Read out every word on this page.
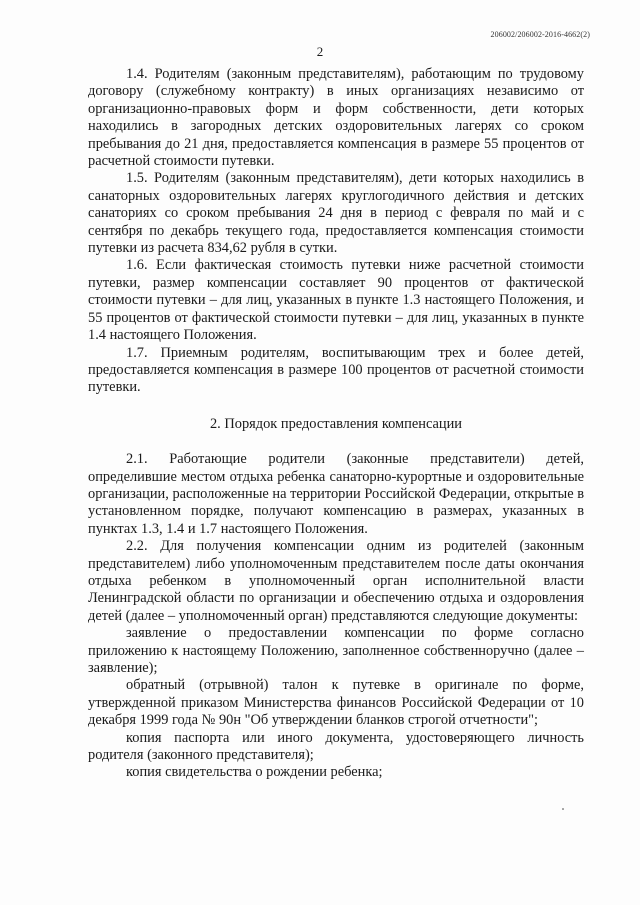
206002/206002-2016-4662(2)
2

1.4. Родителям (законным представителям), работающим по трудовому договору (служебному контракту) в иных организациях независимо от организационно-правовых форм и форм собственности, дети которых находились в загородных детских оздоровительных лагерях со сроком пребывания до 21 дня, предоставляется компенсация в размере 55 процентов от расчетной стоимости путевки.

1.5. Родителям (законным представителям), дети которых находились в санаторных оздоровительных лагерях круглогодичного действия и детских санаториях со сроком пребывания 24 дня в период с февраля по май и с сентября по декабрь текущего года, предоставляется компенсация стоимости путевки из расчета 834,62 рубля в сутки.

1.6. Если фактическая стоимость путевки ниже расчетной стоимости путевки, размер компенсации составляет 90 процентов от фактической стоимости путевки – для лиц, указанных в пункте 1.3 настоящего Положения, и 55 процентов от фактической стоимости путевки – для лиц, указанных в пункте 1.4 настоящего Положения.

1.7. Приемным родителям, воспитывающим трех и более детей, предоставляется компенсация в размере 100 процентов от расчетной стоимости путевки.

2. Порядок предоставления компенсации

2.1. Работающие родители (законные представители) детей, определившие местом отдыха ребенка санаторно-курортные и оздоровительные организации, расположенные на территории Российской Федерации, открытые в установленном порядке, получают компенсацию в размерах, указанных в пунктах 1.3, 1.4 и 1.7 настоящего Положения.

2.2. Для получения компенсации одним из родителей (законным представителем) либо уполномоченным представителем после даты окончания отдыха ребенком в уполномоченный орган исполнительной власти Ленинградской области по организации и обеспечению отдыха и оздоровления детей (далее – уполномоченный орган) представляются следующие документы:

заявление о предоставлении компенсации по форме согласно приложению к настоящему Положению, заполненное собственноручно (далее – заявление);

обратный (отрывной) талон к путевке в оригинале по форме, утвержденной приказом Министерства финансов Российской Федерации от 10 декабря 1999 года № 90н "Об утверждении бланков строгой отчетности";

копия паспорта или иного документа, удостоверяющего личность родителя (законного представителя);

копия свидетельства о рождении ребенка;
